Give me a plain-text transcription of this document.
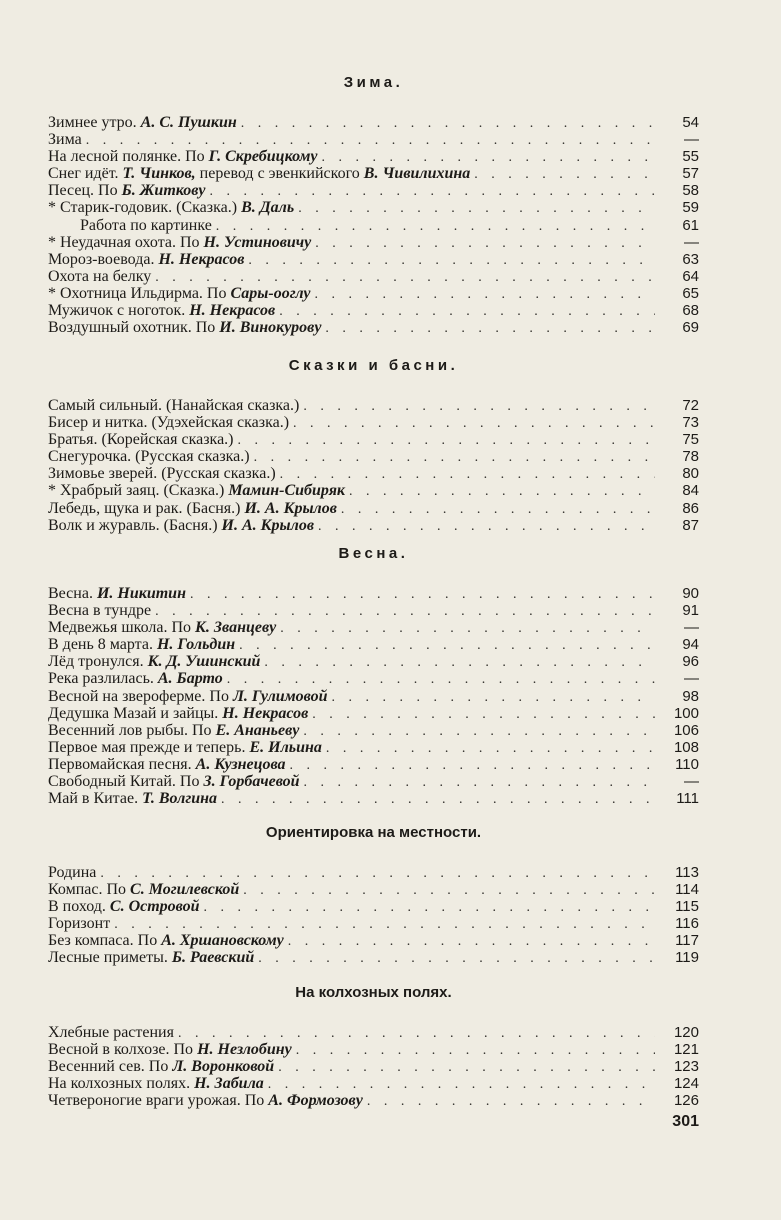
Зима.
Зимнее утро. А. С. Пушкин . . .	54
Зима . . .	—
На лесной полянке. По Г. Скребицкому . . .	55
Снег идёт. Т. Чинков, перевод с эвенкийского В. Чивилихина . . .	57
Песец. По Б. Житкову . . .	58
* Старик-годовик. (Сказка.) В. Даль . . .	59
Работа по картинке . . .	61
* Неудачная охота. По Н. Устиновичу . . .	—
Мороз-воевода. Н. Некрасов . . .	63
Охота на белку . . .	64
* Охотница Ильдирма. По Сары-ооглу . . .	65
Мужичок с ноготок. Н. Некрасов . . .	68
Воздушный охотник. По И. Винокурову . . .	69
Сказки и басни.
Самый сильный. (Нанайская сказка.) . . .	72
Бисер и нитка. (Удэхейская сказка.) . . .	73
Братья. (Корейская сказка.) . . .	75
Снегурочка. (Русская сказка.) . . .	78
Зимовье зверей. (Русская сказка.) . . .	80
* Храбрый заяц. (Сказка.) Мамин-Сибиряк . . .	84
Лебедь, щука и рак. (Басня.) И. А. Крылов . . .	86
Волк и журавль. (Басня.) И. А. Крылов . . .	87
Весна.
Весна. И. Никитин . . .	90
Весна в тундре . . .	91
Медвежья школа. По К. Званцеву . . .	—
В день 8 марта. Н. Гольдин . . .	94
Лёд тронулся. К. Д. Ушинский . . .	96
Река разлилась. А. Барто . . .	—
Весной на звероферме. По Л. Гулимовой . . .	98
Дедушка Мазай и зайцы. Н. Некрасов . . .	100
Весенний лов рыбы. По Е. Ананьеву . . .	106
Первое мая прежде и теперь. Е. Ильина . . .	108
Первомайская песня. А. Кузнецова . . .	110
Свободный Китай. По З. Горбачевой . . .	—
Май в Китае. Т. Волгина . . .	111
Ориентировка на местности.
Родина . . .	113
Компас. По С. Могилевской . . .	114
В поход. С. Островой . . .	115
Горизонт . . .	116
Без компаса. По А. Хршановскому . . .	117
Лесные приметы. Б. Раевский . . .	119
На колхозных полях.
Хлебные растения . . .	120
Весной в колхозе. По Н. Незлобину . . .	121
Весенний сев. По Л. Воронковой . . .	123
На колхозных полях. Н. Забила . . .	124
Четвероногие враги урожая. По А. Формозову . . .	126
301
